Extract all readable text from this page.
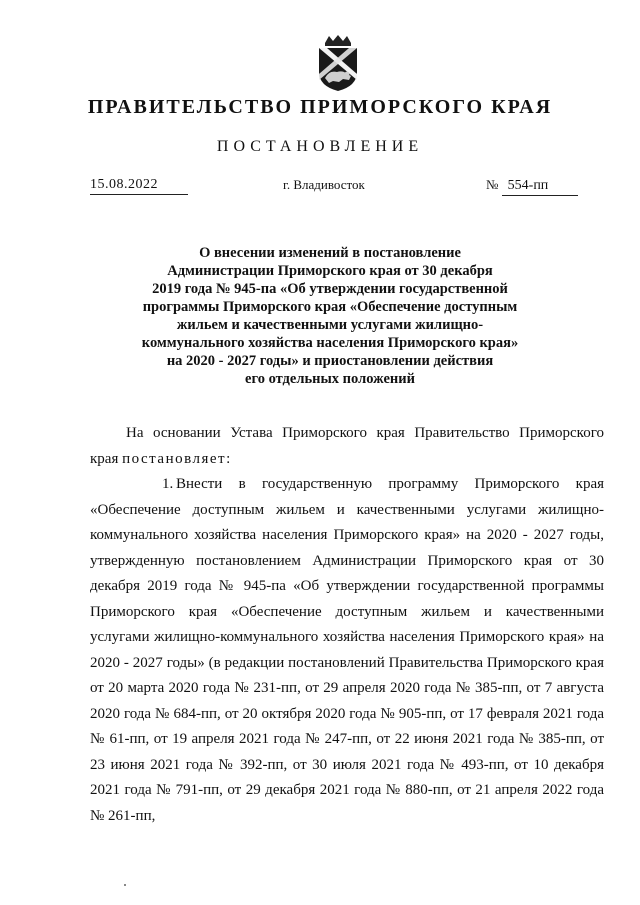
ПРАВИТЕЛЬСТВО ПРИМОРСКОГО КРАЯ
ПОСТАНОВЛЕНИЕ
15.08.2022	г. Владивосток	№ 554-пп
О внесении изменений в постановление
Администрации Приморского края от 30 декабря
2019 года № 945-па «Об утверждении государственной
программы Приморского края «Обеспечение доступным
жильем и качественными услугами жилищно-
коммунального хозяйства населения Приморского края»
на 2020 - 2027 годы» и приостановлении действия
его отдельных положений

На основании Устава Приморского края Правительство Приморского

края постановляет:

1. Внести в государственную программу Приморского края «Обеспечение доступным жильем и качественными услугами жилищно-коммунального хозяйства населения Приморского края» на 2020 - 2027 годы, утвержденную постановлением Администрации Приморского края от 30 декабря 2019 года № 945-па «Об утверждении государственной программы Приморского края «Обеспечение доступным жильем и качественными услугами жилищно-коммунального хозяйства населения Приморского края» на 2020 - 2027 годы» (в редакции постановлений Правительства Приморского края от 20 марта 2020 года № 231-пп, от 29 апреля 2020 года № 385-пп, от 7 августа 2020 года № 684-пп, от 20 октября 2020 года № 905-пп, от 17 февраля 2021 года № 61-пп, от 19 апреля 2021 года № 247-пп, от 22 июня 2021 года № 385-пп, от 23 июня 2021 года № 392-пп, от 30 июля 2021 года № 493-пп, от 10 декабря 2021 года № 791-пп, от 29 декабря 2021 года № 880-пп, от 21 апреля 2022 года № 261-пп,
